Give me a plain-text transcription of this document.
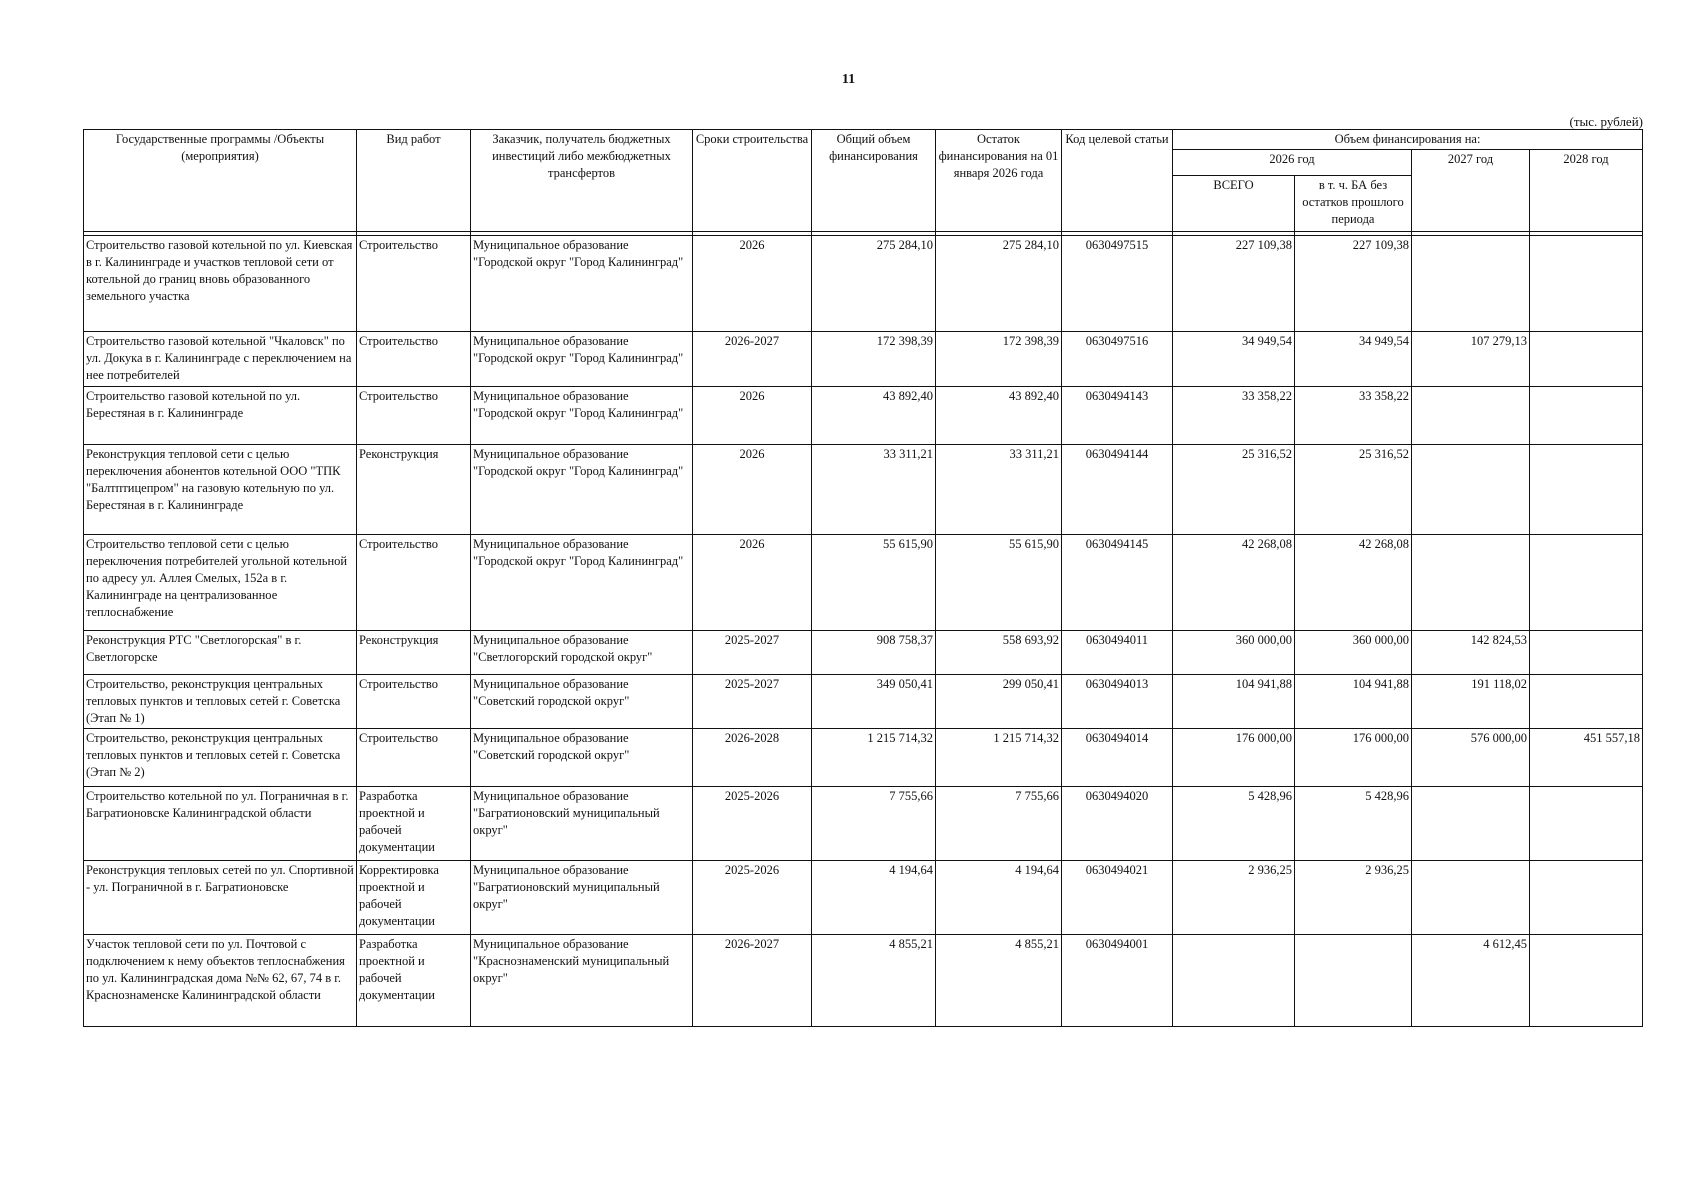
11
(тыс. рублей)
Государственные программы /Объекты (мероприятия)	Вид работ	Заказчик, получатель бюджетных инвестиций либо межбюджетных трансфертов	Сроки строительства	Общий объем финансирования	Остаток финансирования на 01 января 2026 года	Код целевой статьи	Объем финансирования на:			
							2026 год		2027 год	2028 год
							ВСЕГО	в т. ч. БА без остатков прошлого периода		

Строительство газовой котельной по ул. Киевская в г. Калининграде и участков тепловой сети от котельной до границ вновь образованного земельного участка	Строительство	Муниципальное образование "Городской округ "Город Калининград"	2026	275 284,10	275 284,10	0630497515	227 109,38	227 109,38		
Строительство газовой котельной "Чкаловск" по ул. Докука в г. Калининграде с переключением на нее потребителей	Строительство	Муниципальное образование "Городской округ "Город Калининград"	2026-2027	172 398,39	172 398,39	0630497516	34 949,54	34 949,54	107 279,13	
Строительство газовой котельной по ул. Берестяная в г. Калининграде	Строительство	Муниципальное образование "Городской округ "Город Калининград"	2026	43 892,40	43 892,40	0630494143	33 358,22	33 358,22		
Реконструкция тепловой сети с целью переключения абонентов котельной ООО "ТПК "Балтптицепром" на газовую котельную по ул. Берестяная в г. Калининграде	Реконструкция	Муниципальное образование "Городской округ "Город Калининград"	2026	33 311,21	33 311,21	0630494144	25 316,52	25 316,52		
Строительство тепловой сети с целью переключения потребителей угольной котельной по адресу ул. Аллея Смелых, 152а в г. Калининграде на централизованное теплоснабжение	Строительство	Муниципальное образование "Городской округ "Город Калининград"	2026	55 615,90	55 615,90	0630494145	42 268,08	42 268,08		
Реконструкция РТС "Светлогорская" в г. Светлогорске	Реконструкция	Муниципальное образование "Светлогорский городской округ"	2025-2027	908 758,37	558 693,92	0630494011	360 000,00	360 000,00	142 824,53	
Строительство, реконструкция центральных тепловых пунктов и тепловых сетей г. Советска (Этап № 1)	Строительство	Муниципальное образование "Советский городской округ"	2025-2027	349 050,41	299 050,41	0630494013	104 941,88	104 941,88	191 118,02	
Строительство, реконструкция центральных тепловых пунктов и тепловых сетей г. Советска (Этап № 2)	Строительство	Муниципальное образование "Советский городской округ"	2026-2028	1 215 714,32	1 215 714,32	0630494014	176 000,00	176 000,00	576 000,00	451 557,18
Строительство котельной по ул. Пограничная в г. Багратионовске Калининградской области	Разработка проектной и рабочей документации	Муниципальное образование "Багратионовский муниципальный округ"	2025-2026	7 755,66	7 755,66	0630494020	5 428,96	5 428,96		
Реконструкция тепловых сетей по ул. Спортивной - ул. Пограничной в г. Багратионовске	Корректировка проектной и рабочей документации	Муниципальное образование "Багратионовский муниципальный округ"	2025-2026	4 194,64	4 194,64	0630494021	2 936,25	2 936,25		
Участок тепловой сети по ул. Почтовой с подключением к нему объектов теплоснабжения по ул. Калининградская дома №№ 62, 67, 74 в г. Краснознаменске Калининградской области	Разработка проектной и рабочей документации	Муниципальное образование "Краснознаменский муниципальный округ"	2026-2027	4 855,21	4 855,21	0630494001			4 612,45	
